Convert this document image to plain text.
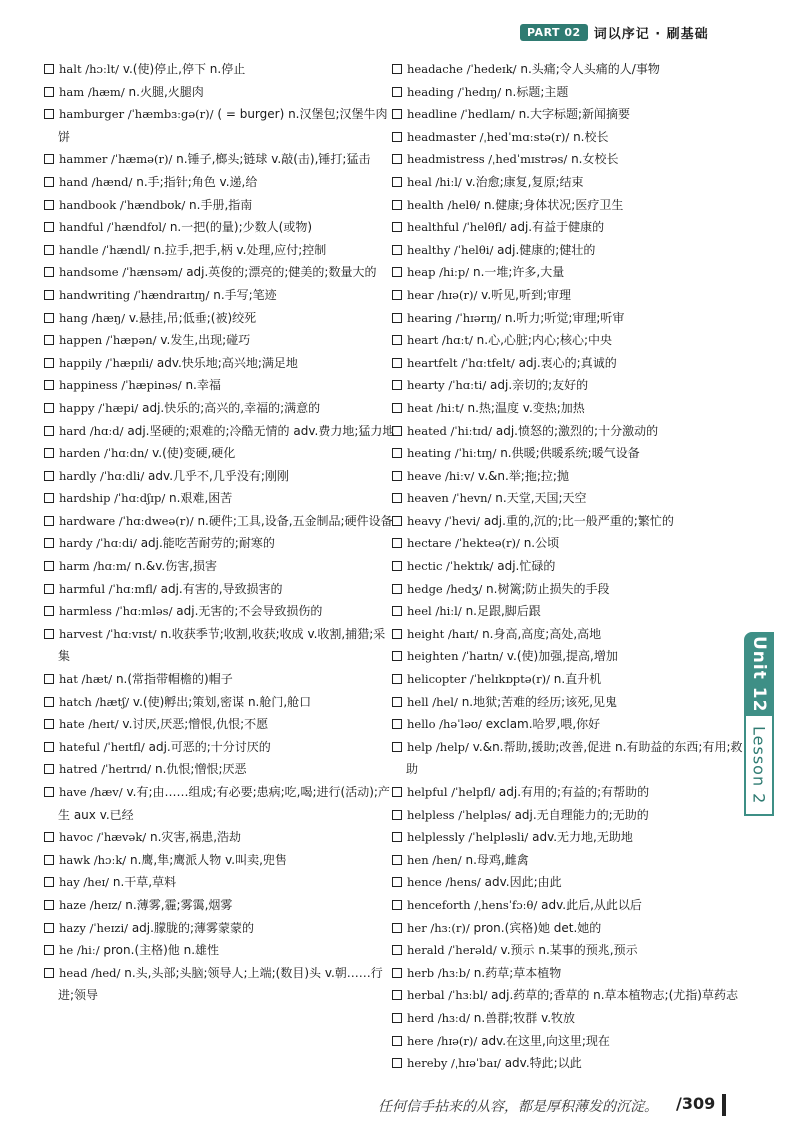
PART 02	词以序记 · 刷基础

halt /hɔːlt/ v.(使)停止,停下 n.停止

ham /hæm/ n.火腿,火腿肉

hamburger /ˈhæmbɜːgə(r)/ ( = burger) n.汉堡包;汉堡牛肉饼

hammer /ˈhæmə(r)/ n.锤子,榔头;链球 v.敲(击),锤打;猛击

hand /hænd/ n.手;指针;角色 v.递,给

handbook /ˈhændbʊk/ n.手册,指南

handful /ˈhændfʊl/ n.一把(的量);少数人(或物)

handle /ˈhændl/ n.拉手,把手,柄 v.处理,应付;控制

handsome /ˈhænsəm/ adj.英俊的;漂亮的;健美的;数量大的

handwriting /ˈhændraɪtɪŋ/ n.手写;笔迹

hang /hæŋ/ v.悬挂,吊;低垂;(被)绞死

happen /ˈhæpən/ v.发生,出现;碰巧

happily /ˈhæpɪli/ adv.快乐地;高兴地;满足地

happiness /ˈhæpinəs/ n.幸福

happy /ˈhæpi/ adj.快乐的;高兴的,幸福的;满意的

hard /hɑːd/ adj.坚硬的;艰难的;冷酷无情的 adv.费力地;猛力地

harden /ˈhɑːdn/ v.(使)变硬,硬化

hardly /ˈhɑːdli/ adv.几乎不,几乎没有;刚刚

hardship /ˈhɑːdʃɪp/ n.艰难,困苦

hardware /ˈhɑːdweə(r)/ n.硬件;工具,设备,五金制品;硬件设备

hardy /ˈhɑːdi/ adj.能吃苦耐劳的;耐寒的

harm /hɑːm/ n.&v.伤害,损害

harmful /ˈhɑːmfl/ adj.有害的,导致损害的

harmless /ˈhɑːmləs/ adj.无害的;不会导致损伤的

harvest /ˈhɑːvɪst/ n.收获季节;收割,收获;收成 v.收割,捕猎;采集

hat /hæt/ n.(常指带帽檐的)帽子

hatch /hætʃ/ v.(使)孵出;策划,密谋 n.舱门,舱口

hate /heɪt/ v.讨厌,厌恶;憎恨,仇恨;不愿

hateful /ˈheɪtfl/ adj.可恶的;十分讨厌的

hatred /ˈheɪtrɪd/ n.仇恨;憎恨;厌恶

have /hæv/ v.有;由……组成;有必要;患病;吃,喝;进行(活动);产生 aux v.已经

havoc /ˈhævək/ n.灾害,祸患,浩劫

hawk /hɔːk/ n.鹰,隼;鹰派人物 v.叫卖,兜售

hay /heɪ/ n.干草,草料

haze /heɪz/ n.薄雾,霾;雾霭,烟雾

hazy /ˈheɪzi/ adj.朦胧的;薄雾蒙蒙的

he /hiː/ pron.(主格)他 n.雄性

head /hed/ n.头,头部;头脑;领导人;上端;(数目)头 v.朝……行进;领导

headache /ˈhedeɪk/ n.头痛;令人头痛的人/事物

heading /ˈhedɪŋ/ n.标题;主题

headline /ˈhedlaɪn/ n.大字标题;新闻摘要

headmaster /ˌhedˈmɑːstə(r)/ n.校长

headmistress /ˌhedˈmɪstrəs/ n.女校长

heal /hiːl/ v.治愈;康复,复原;结束

health /helθ/ n.健康;身体状况;医疗卫生

healthful /ˈhelθfl/ adj.有益于健康的

healthy /ˈhelθi/ adj.健康的;健壮的

heap /hiːp/ n.一堆;许多,大量

hear /hɪə(r)/ v.听见,听到;审理

hearing /ˈhɪərɪŋ/ n.听力;听觉;审理;听审

heart /hɑːt/ n.心,心脏;内心;核心;中央

heartfelt /ˈhɑːtfelt/ adj.衷心的;真诚的

hearty /ˈhɑːti/ adj.亲切的;友好的

heat /hiːt/ n.热;温度 v.变热;加热

heated /ˈhiːtɪd/ adj.愤怒的;激烈的;十分激动的

heating /ˈhiːtɪŋ/ n.供暖;供暖系统;暖气设备

heave /hiːv/ v.&n.举;拖;拉;抛

heaven /ˈhevn/ n.天堂,天国;天空

heavy /ˈhevi/ adj.重的,沉的;比一般严重的;繁忙的

hectare /ˈhekteə(r)/ n.公顷

hectic /ˈhektɪk/ adj.忙碌的

hedge /hedʒ/ n.树篱;防止损失的手段

heel /hiːl/ n.足跟,脚后跟

height /haɪt/ n.身高,高度;高处,高地

heighten /ˈhaɪtn/ v.(使)加强,提高,增加

helicopter /ˈhelɪkɒptə(r)/ n.直升机

hell /hel/ n.地狱;苦难的经历;该死,见鬼

hello /həˈləʊ/ exclam.哈罗,喂,你好

help /help/ v.&n.帮助,援助;改善,促进 n.有助益的东西;有用;救助

helpful /ˈhelpfl/ adj.有用的;有益的;有帮助的

helpless /ˈhelpləs/ adj.无自理能力的;无助的

helplessly /ˈhelpləsli/ adv.无力地,无助地

hen /hen/ n.母鸡,雌禽

hence /hens/ adv.因此;由此

henceforth /ˌhensˈfɔːθ/ adv.此后,从此以后

her /hɜː(r)/ pron.(宾格)她 det.她的

herald /ˈherəld/ v.预示 n.某事的预兆,预示

herb /hɜːb/ n.药草;草本植物

herbal /ˈhɜːbl/ adj.药草的;香草的 n.草本植物志;(尤指)草药志

herd /hɜːd/ n.兽群;牧群 v.牧放

here /hɪə(r)/ adv.在这里,向这里;现在

hereby /ˌhɪəˈbaɪ/ adv.特此;以此

Unit 12
Lesson 2
任何信手拈来的从容，都是厚积薄发的沉淀。 /309
